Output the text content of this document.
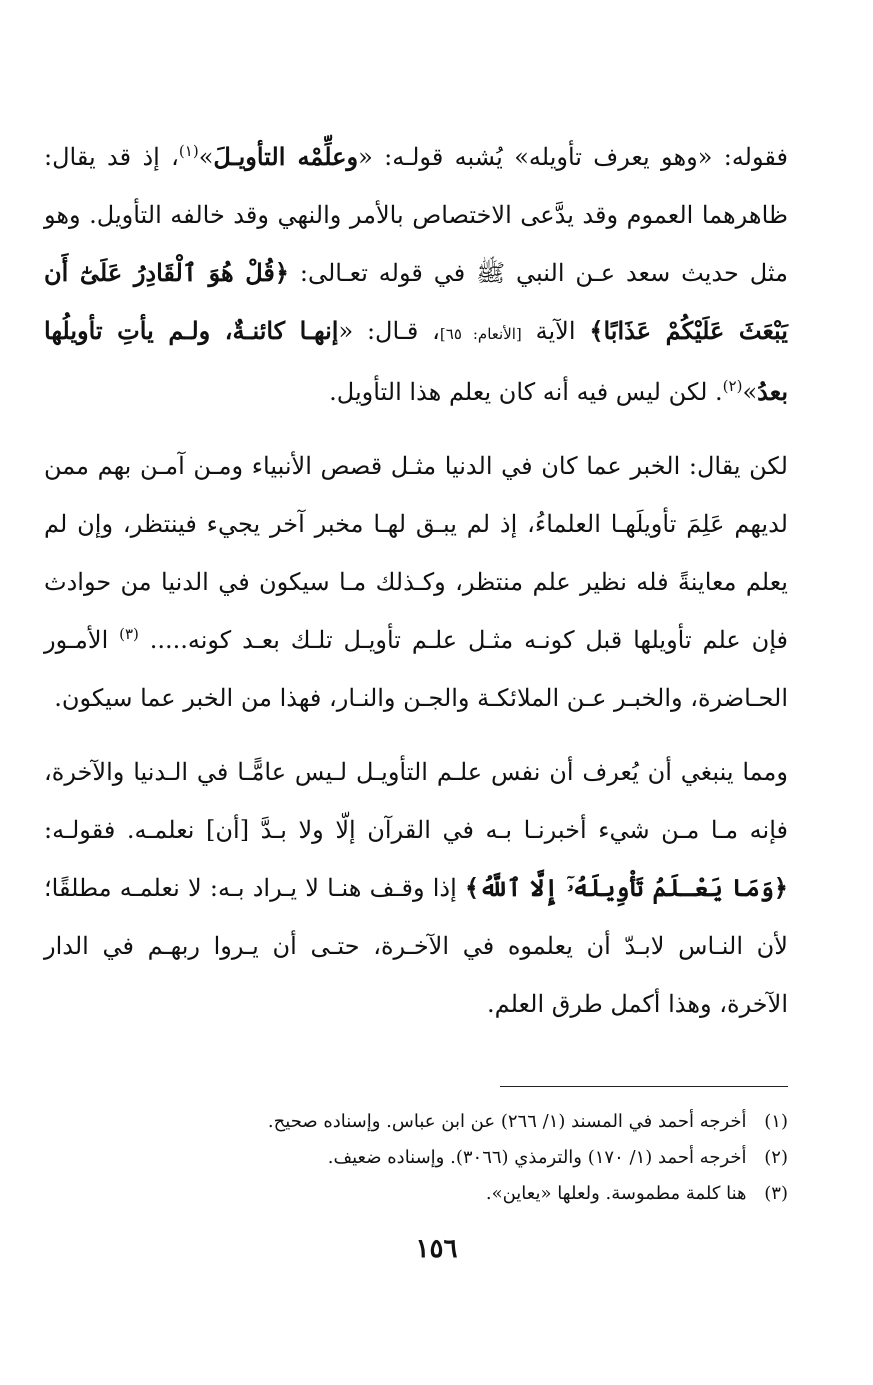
فقوله: «وهو يعرف تأويله» يُشبه قولـه: «وعلِّمْه التأويـلَ»$^{(١)}$، إذ قد يقال: ظاهرهما العموم وقد يدَّعى الاختصاص بالأمر والنهي وقد خالفه التأويل. وهو مثل حديث سعد عـن النبي ﷺ في قوله تعـالى: ﴿قُلْ هُوَ ٱلْقَادِرُ عَلَىٰٓ أَن يَبْعَثَ عَلَيْكُمْ عَذَابًا﴾ الآية [الأنعام: ٦٥]، قـال: «إنهـا كائنـةٌ، ولـم يأتِ تأويلُها بعدُ»$^{(٢)}$. لكن ليس فيه أنه كان يعلم هذا التأويل.

لكن يقال: الخبر عما كان في الدنيا مثـل قصص الأنبياء ومـن آمـن بهم ممن لديهم عَلِمَ تأويلَهـا العلماءُ، إذ لم يبـق لهـا مخبر آخر يجيء فينتظر، وإن لم يعلم معاينةً فله نظير علم منتظر، وكـذلك مـا سيكون في الدنيا من حوادث فإن علم تأويلها قبل كونـه مثـل علـم تأويـل تلـك بعـد كونه..... $^{(٣)}$ الأمـور الحـاضرة، والخبـر عـن الملائكـة والجـن والنـار، فهذا من الخبر عما سيكون.

ومما ينبغي أن يُعرف أن نفس علـم التأويـل لـيس عامًّـا في الـدنيا والآخرة، فإنه مـا مـن شيء أخبرنـا بـه في القرآن إلّا ولا بـدَّ [أن] نعلمـه. فقولـه: ﴿وَمَا يَعْـلَمُ تَأْوِيلَهُۥٓ إِلَّا ٱللَّهُ﴾ إذا وقـف هنـا لا يـراد بـه: لا نعلمـه مطلقًا؛ لأن النـاس لابـدّ أن يعلموه في الآخـرة، حتـى أن يـروا ربهـم في الدار الآخرة، وهذا أكمل طرق العلم.

(١) أخرجه أحمد في المسند (١/ ٢٦٦) عن ابن عباس. وإسناده صحيح.

(٢) أخرجه أحمد (١/ ١٧٠) والترمذي (٣٠٦٦). وإسناده ضعيف.

(٣) هنا كلمة مطموسة. ولعلها «يعاين».

١٥٦
